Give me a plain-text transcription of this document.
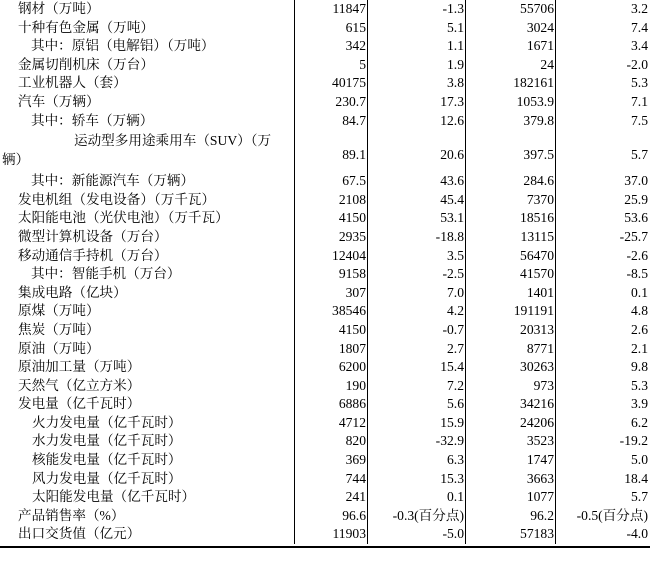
钢材（万吨）	11847	-1.3	55706	3.2
十种有色金属（万吨）	615	5.1	3024	7.4
其中：原铝（电解铝）（万吨）	342	1.1	1671	3.4
金属切削机床（万台）	5	1.9	24	-2.0
工业机器人（套）	40175	3.8	182161	5.3
汽车（万辆）	230.7	17.3	1053.9	7.1
其中：轿车（万辆）	84.7	12.6	379.8	7.5
运动型多用途乘用车（SUV）（万
辆）	89.1	20.6	397.5	5.7
其中：新能源汽车（万辆）	67.5	43.6	284.6	37.0
发电机组（发电设备）（万千瓦）	2108	45.4	7370	25.9
太阳能电池（光伏电池）（万千瓦）	4150	53.1	18516	53.6
微型计算机设备（万台）	2935	-18.8	13115	-25.7
移动通信手持机（万台）	12404	3.5	56470	-2.6
其中：智能手机（万台）	9158	-2.5	41570	-8.5
集成电路（亿块）	307	7.0	1401	0.1
原煤（万吨）	38546	4.2	191191	4.8
焦炭（万吨）	4150	-0.7	20313	2.6
原油（万吨）	1807	2.7	8771	2.1
原油加工量（万吨）	6200	15.4	30263	9.8
天然气（亿立方米）	190	7.2	973	5.3
发电量（亿千瓦时）	6886	5.6	34216	3.9
火力发电量（亿千瓦时）	4712	15.9	24206	6.2
水力发电量（亿千瓦时）	820	-32.9	3523	-19.2
核能发电量（亿千瓦时）	369	6.3	1747	5.0
风力发电量（亿千瓦时）	744	15.3	3663	18.4
太阳能发电量（亿千瓦时）	241	0.1	1077	5.7
产品销售率（%）	96.6	-0.3(百分点)	96.2	-0.5(百分点)
出口交货值（亿元）	11903	-5.0	57183	-4.0
